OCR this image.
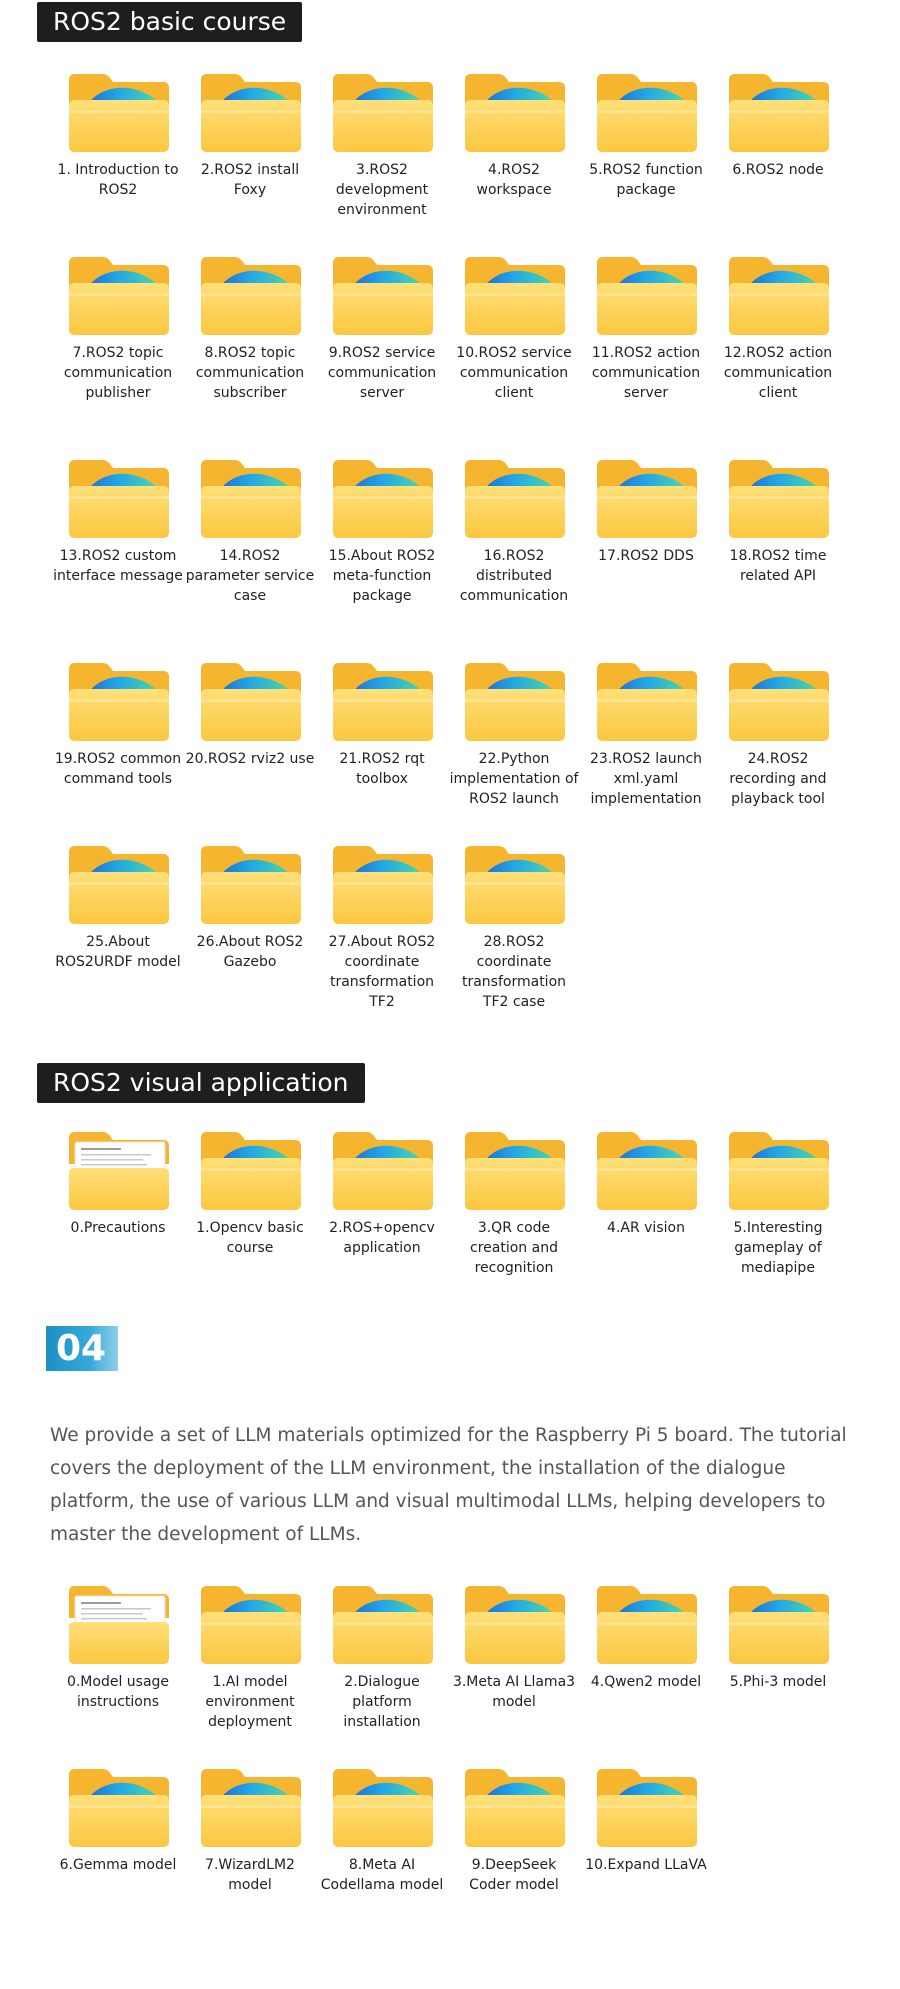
ROS2 basic course
1. Introduction to ROS2
2.ROS2 install Foxy
3.ROS2 development environment
4.ROS2 workspace
5.ROS2 function package
6.ROS2 node
7.ROS2 topic communication publisher
8.ROS2 topic communication subscriber
9.ROS2 service communication server
10.ROS2 service communication client
11.ROS2 action communication server
12.ROS2 action communication client
13.ROS2 custom interface message
14.ROS2 parameter service case
15.About ROS2 meta-function package
16.ROS2 distributed communication
17.ROS2 DDS	18.ROS2 time related API
19.ROS2 common command tools
20.ROS2 rviz2 use	21.ROS2 rqt toolbox
22.Python implementation of ROS2 launch
23.ROS2 launch xml.yaml implementation
24.ROS2 recording and playback tool
25.About ROS2URDF model
26.About ROS2 Gazebo
27.About ROS2 coordinate transformation TF2
28.ROS2 coordinate transformation TF2 case
ROS2 visual application
0.Precautions	1.Opencv basic course
2.ROS+opencv application
3.QR code creation and recognition
4.AR vision	5.Interesting gameplay of mediapipe
04
We provide a set of LLM materials optimized for the Raspberry Pi 5 board. The tutorial covers the deployment of the LLM environment, the installation of the dialogue platform, the use of various LLM and visual multimodal LLMs, helping developers to master the development of LLMs.
0.Model usage instructions
1.AI model environment deployment
2.Dialogue platform installation
3.Meta AI Llama3 model
4.Qwen2 model	5.Phi-3 model
6.Gemma model	7.WizardLM2 model
8.Meta AI Codellama model
9.DeepSeek Coder model
10.Expand LLaVA
